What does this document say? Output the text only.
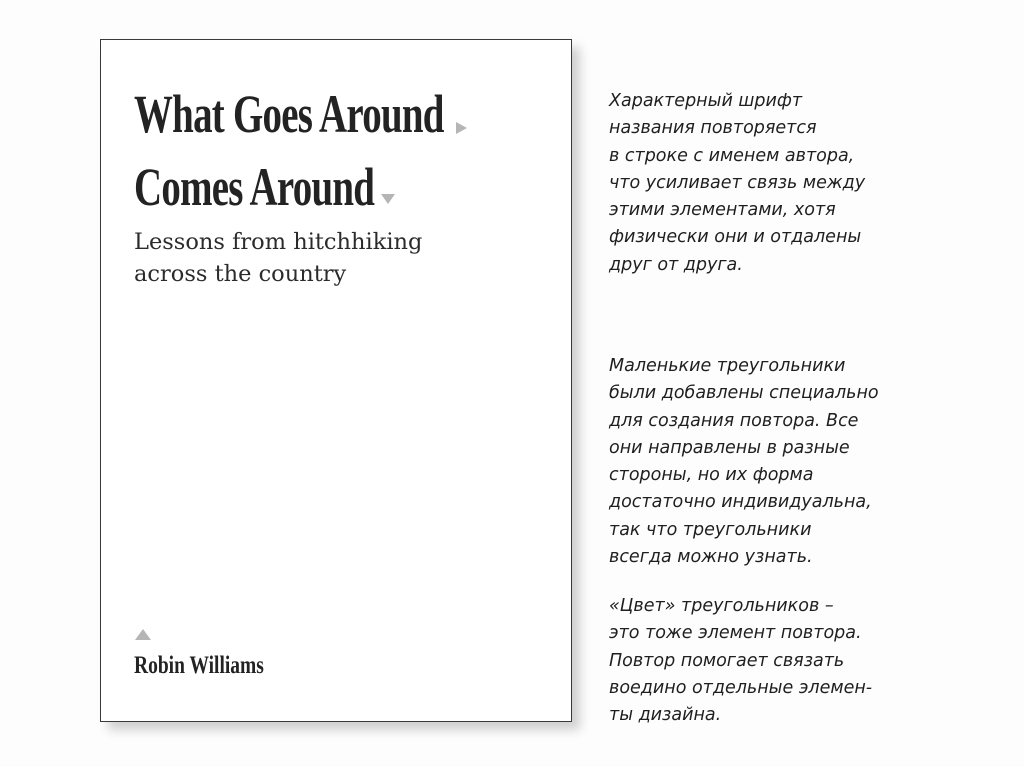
What Goes Around

Comes Around

Lessons from hitchhiking
across the country

Robin Williams

Характерный шрифт
названия повторяется
в строке с именем автора,
что усиливает связь между
этими элементами, хотя
физически они и отдалены
друг от друга.

Маленькие треугольники
были добавлены специально
для создания повтора. Все
они направлены в разные
стороны, но их форма
достаточно индивидуальна,
так что треугольники
всегда можно узнать.

«Цвет» треугольников –
это тоже элемент повтора.
Повтор помогает связать
воедино отдельные элемен-
ты дизайна.
